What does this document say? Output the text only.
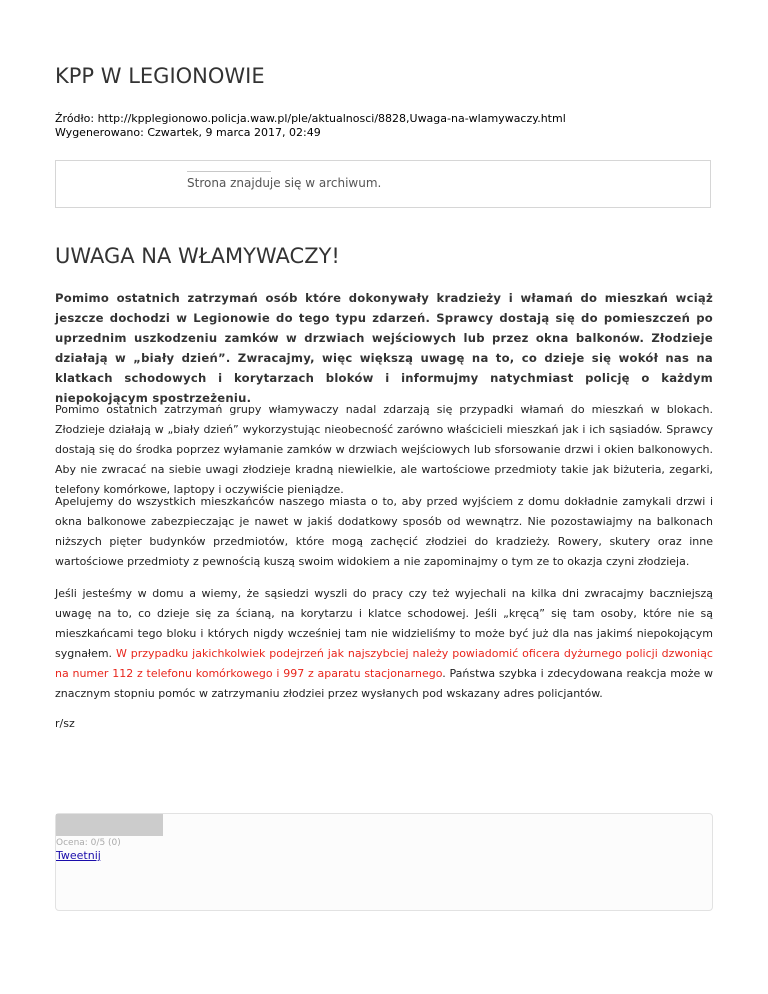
KPP W LEGIONOWIE
Źródło: http://kpplegionowo.policja.waw.pl/ple/aktualnosci/8828,Uwaga-na-wlamywaczy.html
Wygenerowano: Czwartek, 9 marca 2017, 02:49
Strona znajduje się w archiwum.
UWAGA NA WŁAMYWACZY!

Pomimo ostatnich zatrzymań osób które dokonywały kradzieży i włamań do mieszkań wciąż jeszcze dochodzi w Legionowie do tego typu zdarzeń. Sprawcy dostają się do pomieszczeń po uprzednim uszkodzeniu zamków w drzwiach wejściowych lub przez okna balkonów. Złodzieje działają w „biały dzień”. Zwracajmy, więc większą uwagę na to, co dzieje się wokół nas na klatkach schodowych i korytarzach bloków i informujmy natychmiast policję o każdym niepokojącym spostrzeżeniu.

Pomimo ostatnich zatrzymań grupy włamywaczy nadal zdarzają się przypadki włamań do mieszkań w blokach. Złodzieje działają w „biały dzień” wykorzystując nieobecność zarówno właścicieli mieszkań jak i ich sąsiadów. Sprawcy dostają się do środka poprzez wyłamanie zamków w drzwiach wejściowych lub sforsowanie drzwi i okien balkonowych. Aby nie zwracać na siebie uwagi złodzieje kradną niewielkie, ale wartościowe przedmioty takie jak biżuteria, zegarki, telefony komórkowe, laptopy i oczywiście pieniądze.

Apelujemy do wszystkich mieszkańców naszego miasta o to, aby przed wyjściem z domu dokładnie zamykali drzwi i okna balkonowe zabezpieczając je nawet w jakiś dodatkowy sposób od wewnątrz. Nie pozostawiajmy na balkonach niższych pięter budynków przedmiotów, które mogą zachęcić złodziei do kradzieży. Rowery, skutery oraz inne wartościowe przedmioty z pewnością kuszą swoim widokiem a nie zapominajmy o tym ze to okazja czyni złodzieja.

Jeśli jesteśmy w domu a wiemy, że sąsiedzi wyszli do pracy czy też wyjechali na kilka dni zwracajmy baczniejszą uwagę na to, co dzieje się za ścianą, na korytarzu i klatce schodowej. Jeśli „kręcą” się tam osoby, które nie są mieszkańcami tego bloku i których nigdy wcześniej tam nie widzieliśmy to może być już dla nas jakimś niepokojącym sygnałem. W przypadku jakichkolwiek podejrzeń jak najszybciej należy powiadomić oficera dyżurnego policji dzwoniąc na numer 112 z telefonu komórkowego i 997 z aparatu stacjonarnego. Państwa szybka i zdecydowana reakcja może w znacznym stopniu pomóc w zatrzymaniu złodziei przez wysłanych pod wskazany adres policjantów.

r/sz
Ocena: 0/5 (0)
Tweetnij
